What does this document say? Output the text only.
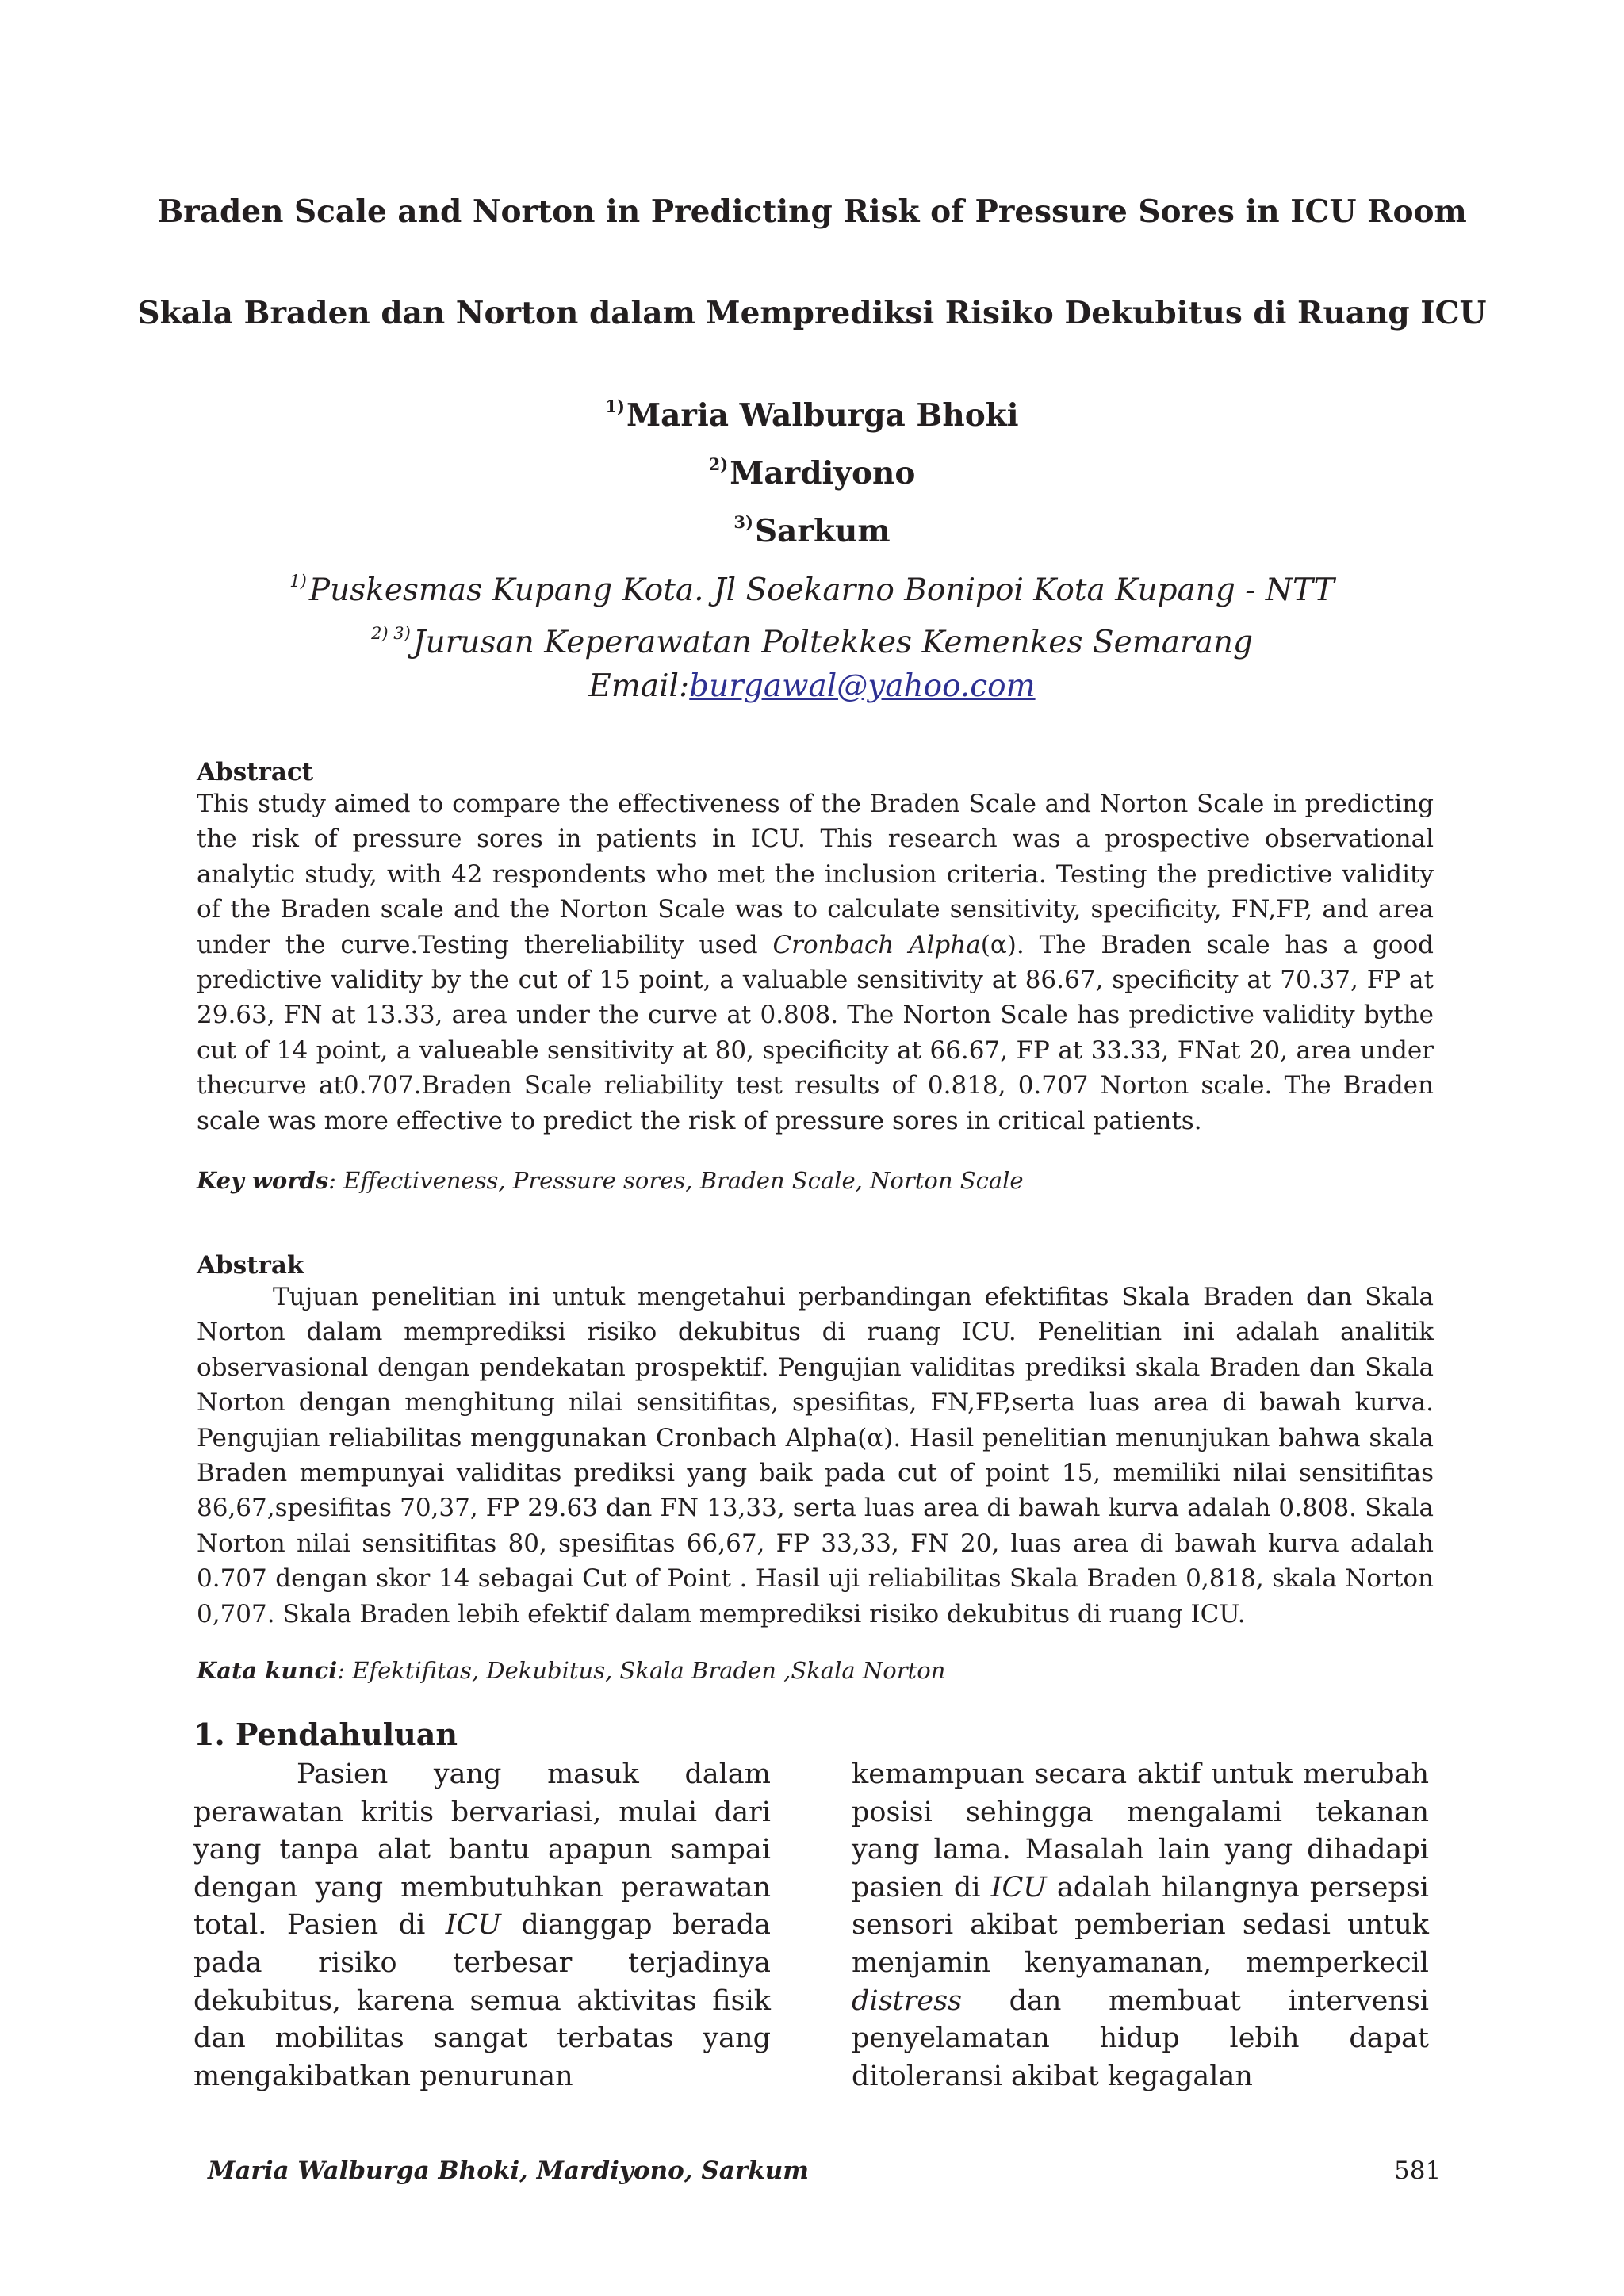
Braden Scale and Norton in Predicting Risk of Pressure Sores in ICU Room
Skala Braden dan Norton dalam Memprediksi Risiko Dekubitus di Ruang ICU
$^{1)}$Maria Walburga Bhoki
$^{2)}$Mardiyono
$^{3)}$Sarkum
$^{1)}$Puskesmas Kupang Kota. Jl Soekarno Bonipoi Kota Kupang - NTT
$^{2) 3)}$Jurusan Keperawatan Poltekkes Kemenkes Semarang
Email:burgawal@yahoo.com
Abstract

This study aimed to compare the effectiveness of the Braden Scale and Norton Scale in predicting the risk of pressure sores in patients in ICU. This research was a prospective observational analytic study, with 42 respondents who met the inclusion criteria. Testing the predictive validity of the Braden scale and the Norton Scale was to calculate sensitivity, specificity, FN,FP, and area under the curve.Testing thereliability used Cronbach Alpha(α). The Braden scale has a good predictive validity by the cut of 15 point, a valuable sensitivity at 86.67, specificity at 70.37, FP at 29.63, FN at 13.33, area under the curve at 0.808. The Norton Scale has predictive validity bythe cut of 14 point, a valueable sensitivity at 80, specificity at 66.67, FP at 33.33, FNat 20, area under thecurve at0.707.Braden Scale reliability test results of 0.818, 0.707 Norton scale. The Braden scale was more effective to predict the risk of pressure sores in critical patients.

Key words: Effectiveness, Pressure sores, Braden Scale, Norton Scale
Abstrak

Tujuan penelitian ini untuk mengetahui perbandingan efektifitas Skala Braden dan Skala Norton dalam memprediksi risiko dekubitus di ruang ICU. Penelitian ini adalah analitik observasional dengan pendekatan prospektif. Pengujian validitas prediksi skala Braden dan Skala Norton dengan menghitung nilai sensitifitas, spesifitas, FN,FP,serta luas area di bawah kurva. Pengujian reliabilitas menggunakan Cronbach Alpha(α). Hasil penelitian menunjukan bahwa skala Braden mempunyai validitas prediksi yang baik pada cut of point 15, memiliki nilai sensitifitas 86,67,spesifitas 70,37, FP 29.63 dan FN 13,33, serta luas area di bawah kurva adalah 0.808. Skala Norton nilai sensitifitas 80, spesifitas 66,67, FP 33,33, FN 20, luas area di bawah kurva adalah 0.707 dengan skor 14 sebagai Cut of Point . Hasil uji reliabilitas Skala Braden 0,818, skala Norton 0,707. Skala Braden lebih efektif dalam memprediksi risiko dekubitus di ruang ICU.

Kata kunci: Efektifitas, Dekubitus, Skala Braden ,Skala Norton
1. Pendahuluan

Pasien yang masuk dalam perawatan kritis bervariasi, mulai dari yang tanpa alat bantu apapun sampai dengan yang membutuhkan perawatan total. Pasien di ICU dianggap berada pada risiko terbesar terjadinya dekubitus, karena semua aktivitas fisik dan mobilitas sangat terbatas yang mengakibatkan penurunan

kemampuan secara aktif untuk merubah posisi sehingga mengalami tekanan yang lama. Masalah lain yang dihadapi pasien di ICU adalah hilangnya persepsi sensori akibat pemberian sedasi untuk menjamin kenyamanan, memperkecil distress dan membuat intervensi penyelamatan hidup lebih dapat ditoleransi akibat kegagalan

Maria Walburga Bhoki, Mardiyono, Sarkum	581
